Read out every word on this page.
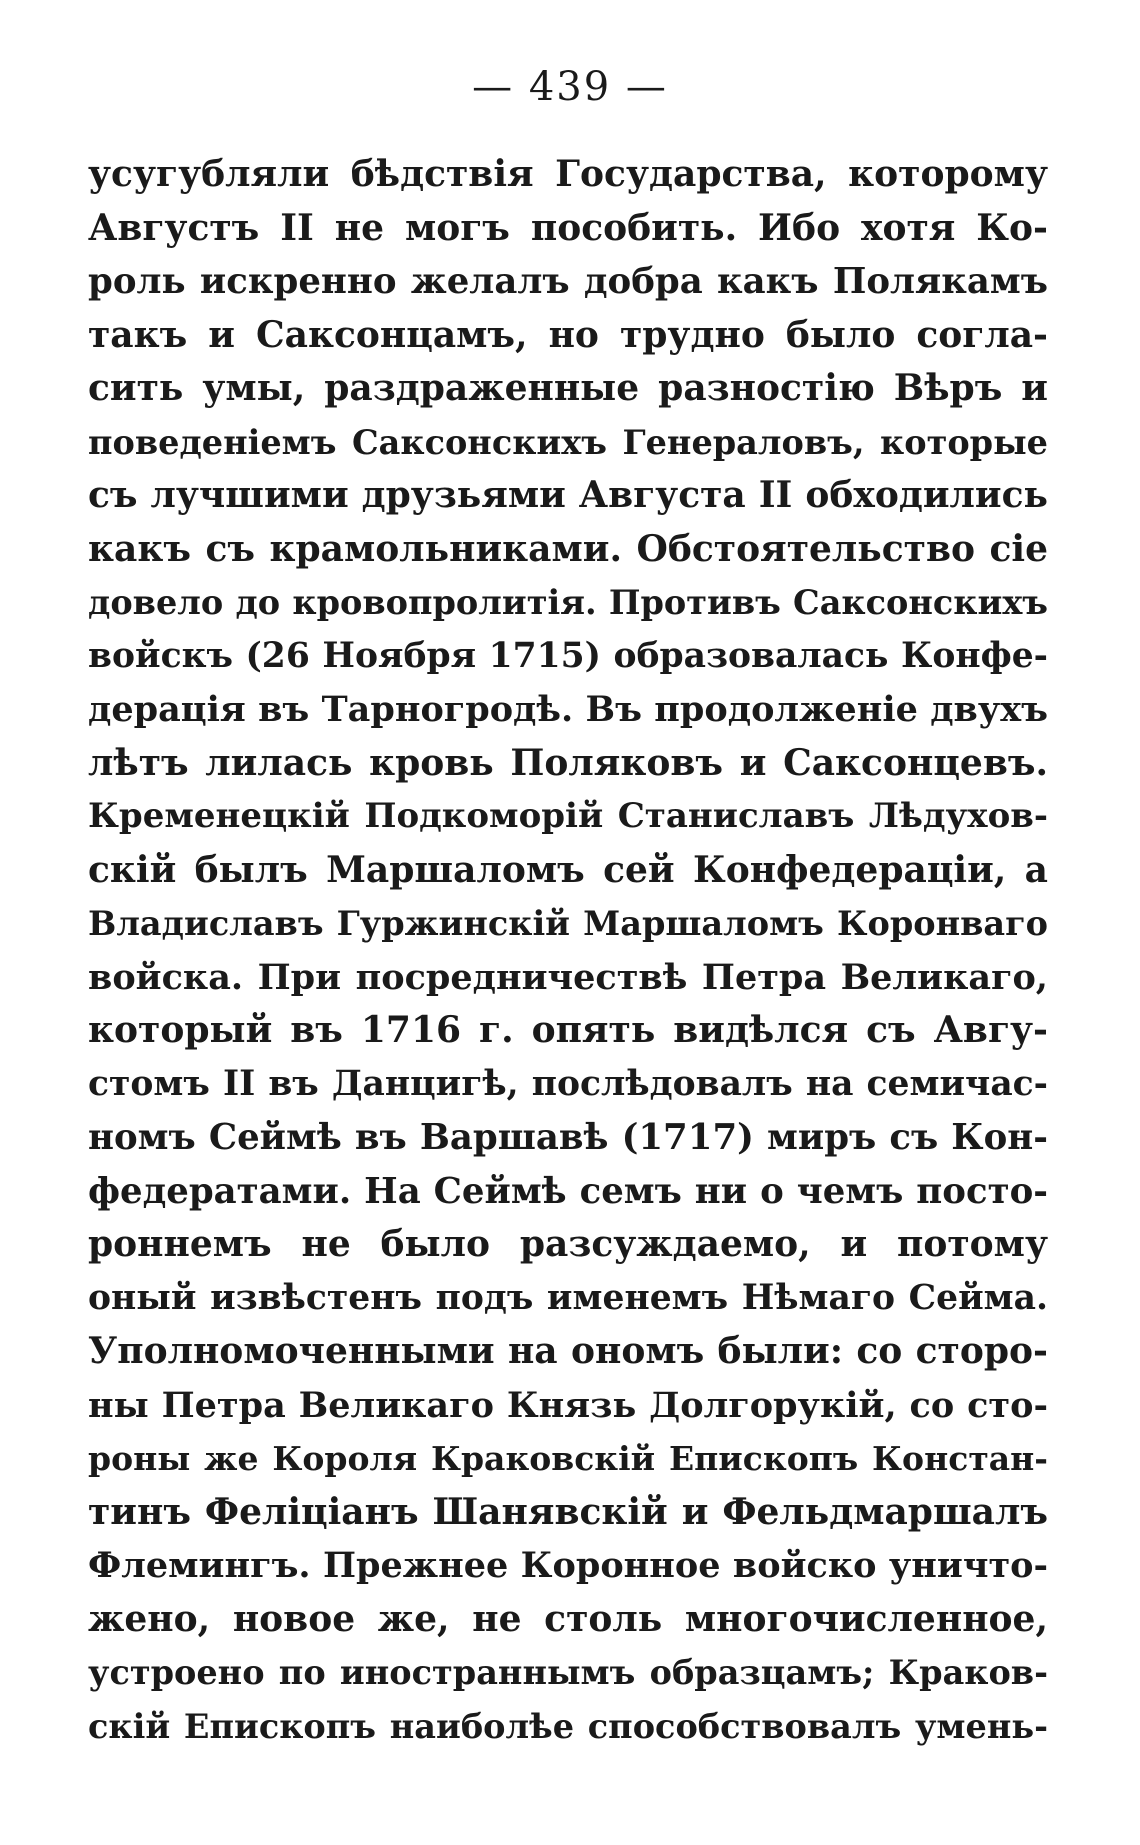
— 439 —
усугубляли бѣдствія Государства, которому
Августъ II не могъ пособить. Ибо хотя Ко-
роль искренно желалъ добра какъ Полякамъ
такъ и Саксонцамъ, но трудно было согла-
сить умы, раздраженные разностію Вѣръ и
поведеніемъ Саксонскихъ Генераловъ, которые
съ лучшими друзьями Августа II обходились
какъ съ крамольниками. Обстоятельство сіе
довело до кровопролитія. Противъ Саксонскихъ
войскъ (26 Ноября 1715) образовалась Конфе-
дерація въ Тарногродѣ. Въ продолженіе двухъ
лѣтъ лилась кровь Поляковъ и Саксонцевъ.
Кременецкій Подкоморій Станиславъ Лѣдухов-
скій былъ Маршаломъ сей Конфедераціи, а
Владиславъ Гуржинскій Маршаломъ Коронваго
войска. При посредничествѣ Петра Великаго,
который въ 1716 г. опять видѣлся съ Авгу-
стомъ II въ Данцигѣ, послѣдовалъ на семичас-
номъ Сеймѣ въ Варшавѣ (1717) миръ съ Кон-
федератами. На Сеймѣ семъ ни о чемъ посто-
роннемъ не было разсуждаемо, и потому
оный извѣстенъ подъ именемъ Нѣмаго Сейма.
Уполномоченными на ономъ были: со сторо-
ны Петра Великаго Князь Долгорукій, со сто-
роны же Короля Краковскій Епископъ Констан-
тинъ Феліціанъ Шанявскій и Фельдмаршалъ
Флемингъ. Прежнее Коронное войско уничто-
жено, новое же, не столь многочисленное,
устроено по иностраннымъ образцамъ; Краков-
скій Епископъ наиболѣе способствовалъ умень-
